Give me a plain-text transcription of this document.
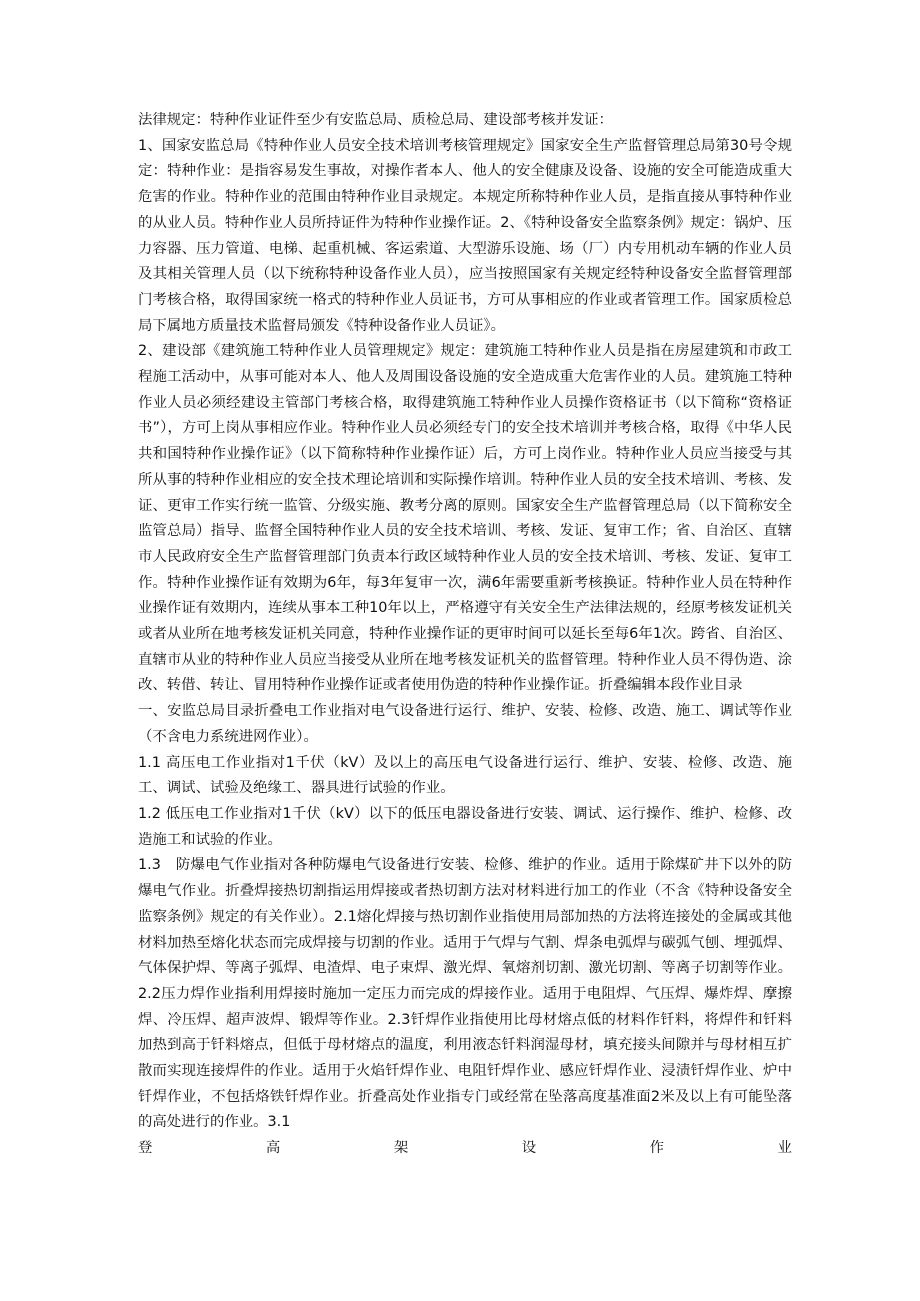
法律规定：特种作业证件至少有安监总局、质检总局、建设部考核并发证：

1、国家安监总局《特种作业人员安全技术培训考核管理规定》国家安全生产监督管理总局第30号令规定：特种作业：是指容易发生事故，对操作者本人、他人的安全健康及设备、设施的安全可能造成重大危害的作业。特种作业的范围由特种作业目录规定。本规定所称特种作业人员，是指直接从事特种作业的从业人员。特种作业人员所持证件为特种作业操作证。2、《特种设备安全监察条例》规定：锅炉、压力容器、压力管道、电梯、起重机械、客运索道、大型游乐设施、场（厂）内专用机动车辆的作业人员及其相关管理人员（以下统称特种设备作业人员），应当按照国家有关规定经特种设备安全监督管理部门考核合格，取得国家统一格式的特种作业人员证书，方可从事相应的作业或者管理工作。国家质检总局下属地方质量技术监督局颁发《特种设备作业人员证》。

2、建设部《建筑施工特种作业人员管理规定》规定：建筑施工特种作业人员是指在房屋建筑和市政工程施工活动中，从事可能对本人、他人及周围设备设施的安全造成重大危害作业的人员。建筑施工特种作业人员必须经建设主管部门考核合格，取得建筑施工特种作业人员操作资格证书（以下简称“资格证书”），方可上岗从事相应作业。特种作业人员必须经专门的安全技术培训并考核合格，取得《中华人民共和国特种作业操作证》（以下简称特种作业操作证）后，方可上岗作业。特种作业人员应当接受与其所从事的特种作业相应的安全技术理论培训和实际操作培训。特种作业人员的安全技术培训、考核、发证、更审工作实行统一监管、分级实施、教考分离的原则。国家安全生产监督管理总局（以下简称安全监管总局）指导、监督全国特种作业人员的安全技术培训、考核、发证、复审工作；省、自治区、直辖市人民政府安全生产监督管理部门负责本行政区域特种作业人员的安全技术培训、考核、发证、复审工作。特种作业操作证有效期为6年，每3年复审一次，满6年需要重新考核换证。特种作业人员在特种作业操作证有效期内，连续从事本工种10年以上，严格遵守有关安全生产法律法规的，经原考核发证机关或者从业所在地考核发证机关同意，特种作业操作证的更审时间可以延长至每6年1次。跨省、自治区、直辖市从业的特种作业人员应当接受从业所在地考核发证机关的监督管理。特种作业人员不得伪造、涂改、转借、转让、冒用特种作业操作证或者使用伪造的特种作业操作证。折叠编辑本段作业目录

一、安监总局目录折叠电工作业指对电气设备进行运行、维护、安装、检修、改造、施工、调试等作业（不含电力系统进网作业）。

1.1 高压电工作业指对1千伏（kV）及以上的高压电气设备进行运行、维护、安装、检修、改造、施工、调试、试验及绝缘工、器具进行试验的作业。

1.2 低压电工作业指对1千伏（kV）以下的低压电器设备进行安装、调试、运行操作、维护、检修、改造施工和试验的作业。

1.3　防爆电气作业指对各种防爆电气设备进行安装、检修、维护的作业。适用于除煤矿井下以外的防爆电气作业。折叠焊接热切割指运用焊接或者热切割方法对材料进行加工的作业（不含《特种设备安全监察条例》规定的有关作业）。2.1熔化焊接与热切割作业指使用局部加热的方法将连接处的金属或其他材料加热至熔化状态而完成焊接与切割的作业。适用于气焊与气割、焊条电弧焊与碳弧气刨、埋弧焊、气体保护焊、等离子弧焊、电渣焊、电子束焊、激光焊、氧熔剂切割、激光切割、等离子切割等作业。2.2压力焊作业指利用焊接时施加一定压力而完成的焊接作业。适用于电阻焊、气压焊、爆炸焊、摩擦焊、冷压焊、超声波焊、锻焊等作业。2.3钎焊作业指使用比母材熔点低的材料作钎料，将焊件和钎料加热到高于钎料熔点，但低于母材熔点的温度，利用液态钎料润湿母材，填充接头间隙并与母材相互扩散而实现连接焊件的作业。适用于火焰钎焊作业、电阻钎焊作业、感应钎焊作业、浸渍钎焊作业、炉中钎焊作业，不包括烙铁钎焊作业。折叠高处作业指专门或经常在坠落高度基准面2米及以上有可能坠落的高处进行的作业。3.1

登	高	架	设	作	业
